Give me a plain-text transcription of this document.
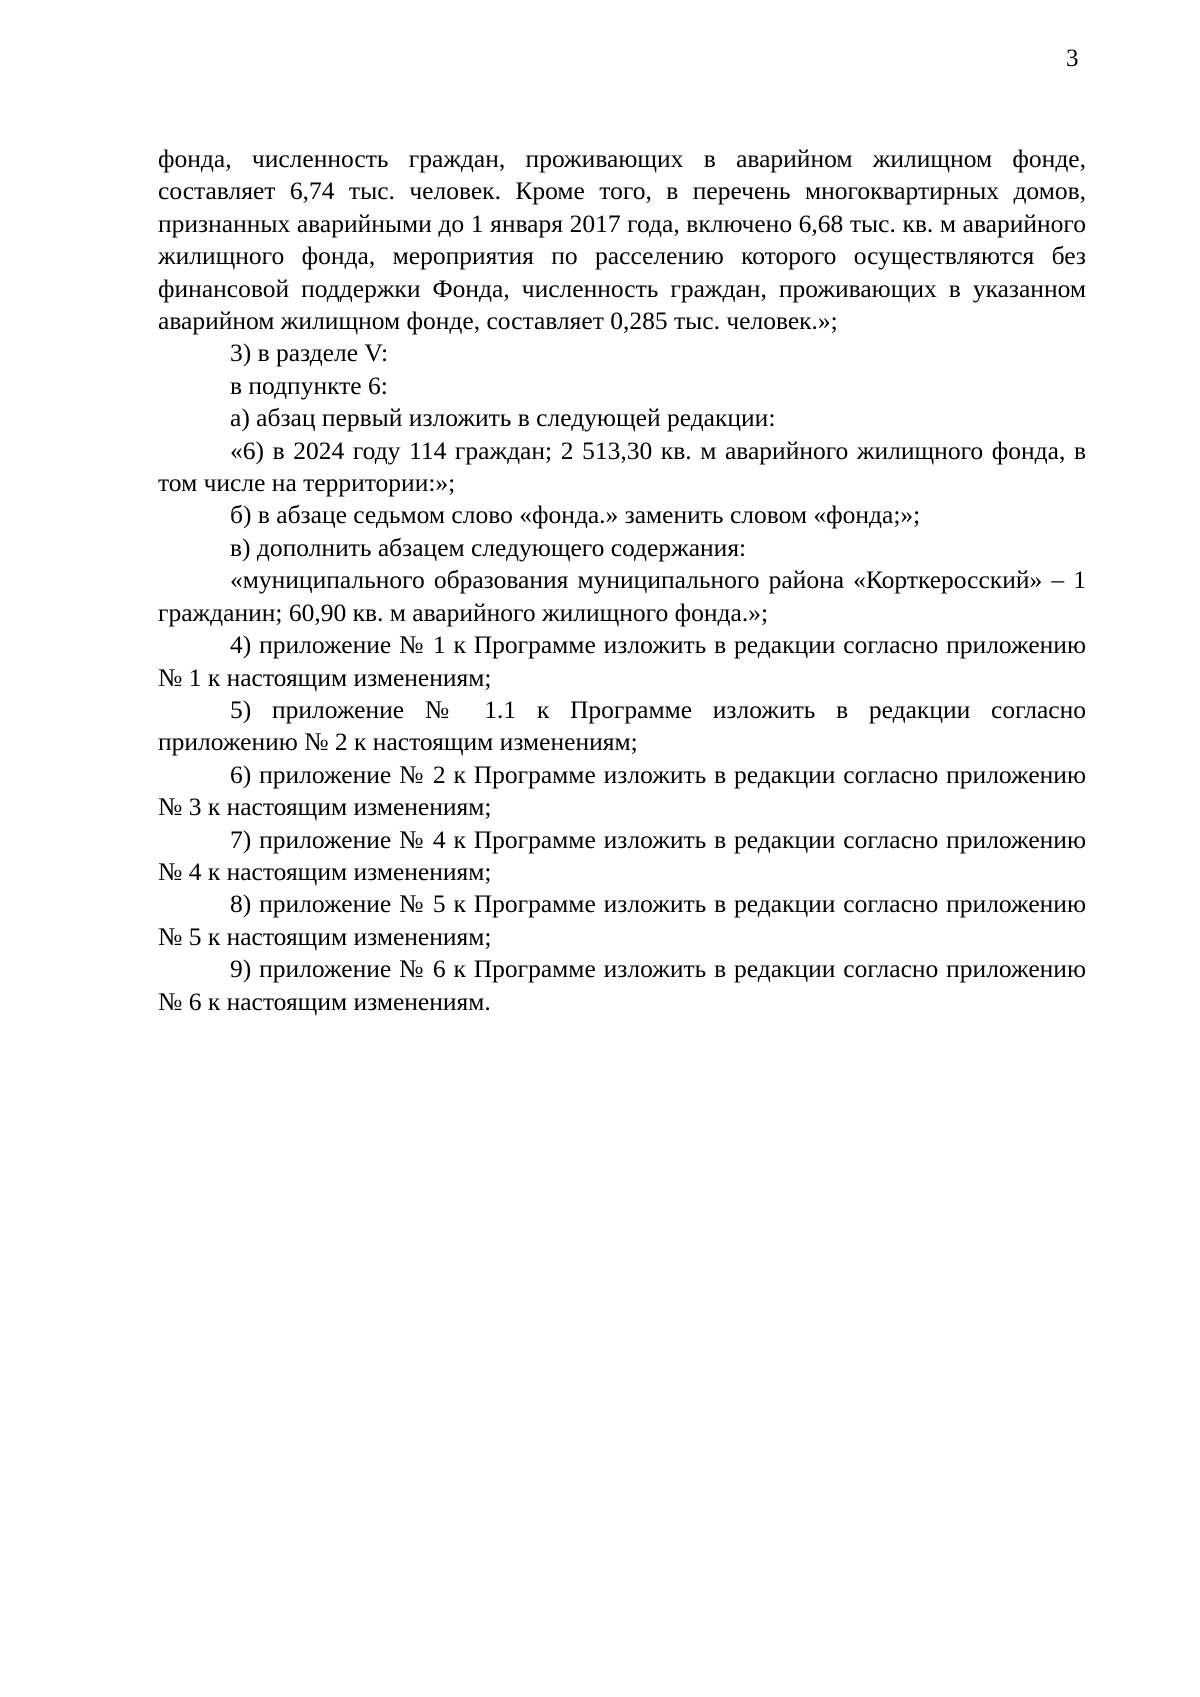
3

фонда, численность граждан, проживающих в аварийном жилищном фонде, составляет 6,74 тыс. человек. Кроме того, в перечень многоквартирных домов, признанных аварийными до 1 января 2017 года, включено 6,68 тыс. кв. м аварийного жилищного фонда, мероприятия по расселению которого осуществляются без финансовой поддержки Фонда, численность граждан, проживающих в указанном аварийном жилищном фонде, составляет 0,285 тыс. человек.»;

3) в разделе V:

в подпункте 6:

а) абзац первый изложить в следующей редакции:

«6) в 2024 году 114 граждан; 2 513,30 кв. м аварийного жилищного фонда, в том числе на территории:»;

б) в абзаце седьмом слово «фонда.» заменить словом «фонда;»;

в) дополнить абзацем следующего содержания:

«муниципального образования муниципального района «Корткеросский» – 1 гражданин; 60,90 кв. м аварийного жилищного фонда.»;

4) приложение № 1 к Программе изложить в редакции согласно приложению № 1 к настоящим изменениям;

5) приложение № 1.1 к Программе изложить в редакции согласно приложению № 2 к настоящим изменениям;

6) приложение № 2 к Программе изложить в редакции согласно приложению № 3 к настоящим изменениям;

7) приложение № 4 к Программе изложить в редакции согласно приложению № 4 к настоящим изменениям;

8) приложение № 5 к Программе изложить в редакции согласно приложению № 5 к настоящим изменениям;

9) приложение № 6 к Программе изложить в редакции согласно приложению № 6 к настоящим изменениям.
